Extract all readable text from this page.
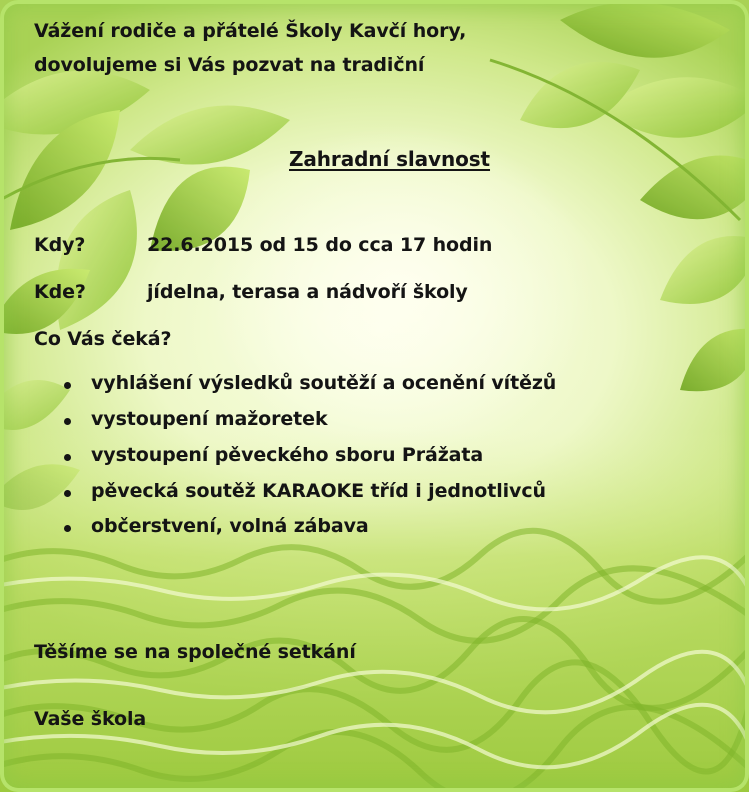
Vážení rodiče a přátelé Školy Kavčí hory,
dovolujeme si Vás pozvat na tradiční
Zahradní slavnost
Kdy?	22.6.2015 od 15 do cca 17 hodin
Kde?	jídelna, terasa a nádvoří školy
Co Vás čeká?
vyhlášení výsledků soutěží a ocenění vítězů
vystoupení mažoretek
vystoupení pěveckého sboru Prážata
pěvecká soutěž KARAOKE tříd i jednotlivců
občerstvení, volná zábava
Těšíme se na společné setkání
Vaše škola
